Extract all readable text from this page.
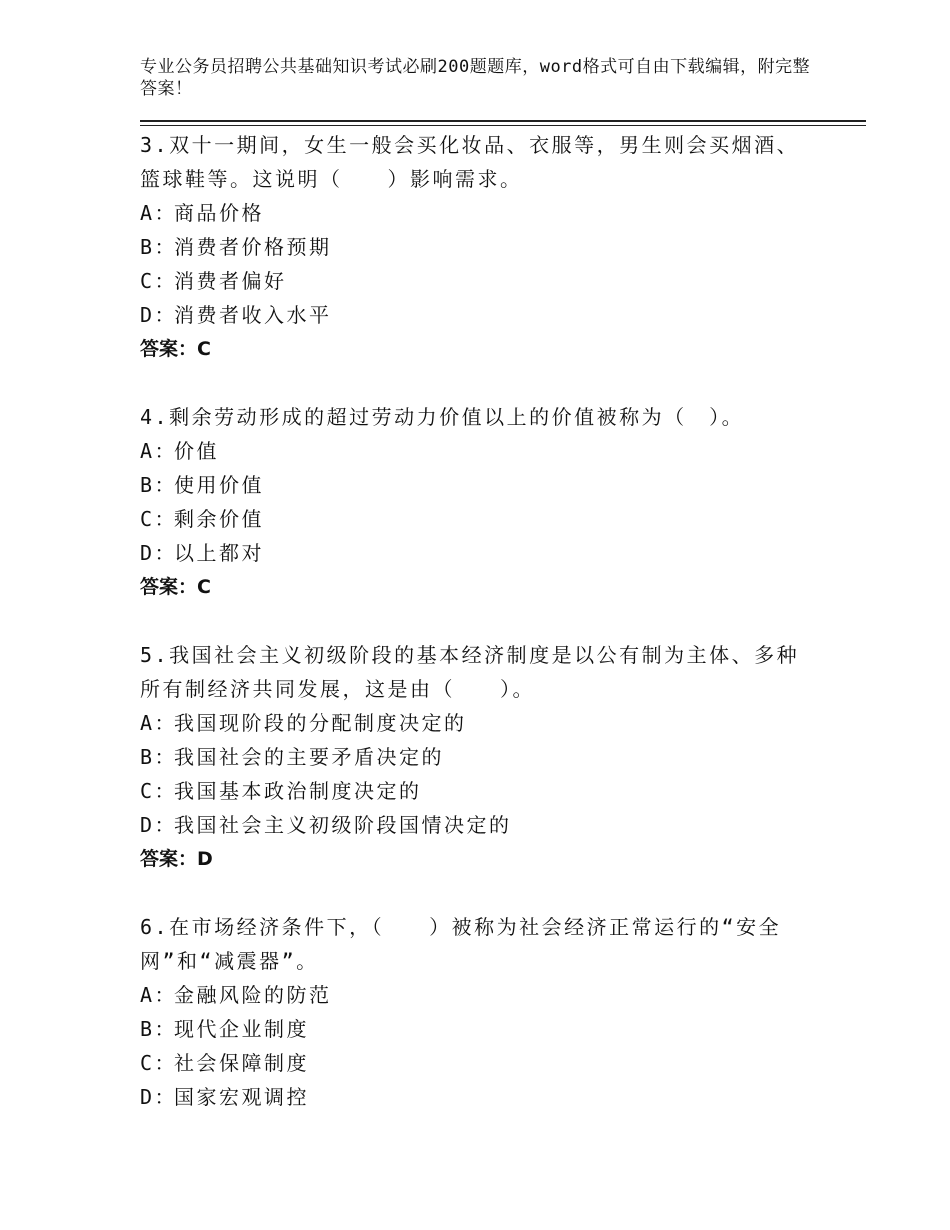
专业公务员招聘公共基础知识考试必刷200题题库，word格式可自由下载编辑，附完整答案！

3.双十一期间，女生一般会买化妆品、衣服等，男生则会买烟酒、篮球鞋等。这说明（　　）影响需求。

A：商品价格

B：消费者价格预期

C：消费者偏好

D：消费者收入水平

答案：C

4.剩余劳动形成的超过劳动力价值以上的价值被称为（　）。

A：价值

B：使用价值

C：剩余价值

D：以上都对

答案：C

5.我国社会主义初级阶段的基本经济制度是以公有制为主体、多种所有制经济共同发展，这是由（　　）。

A：我国现阶段的分配制度决定的

B：我国社会的主要矛盾决定的

C：我国基本政治制度决定的

D：我国社会主义初级阶段国情决定的

答案：D

6.在市场经济条件下，（　　）被称为社会经济正常运行的“安全网”和“减震器”。

A：金融风险的防范

B：现代企业制度

C：社会保障制度

D：国家宏观调控
